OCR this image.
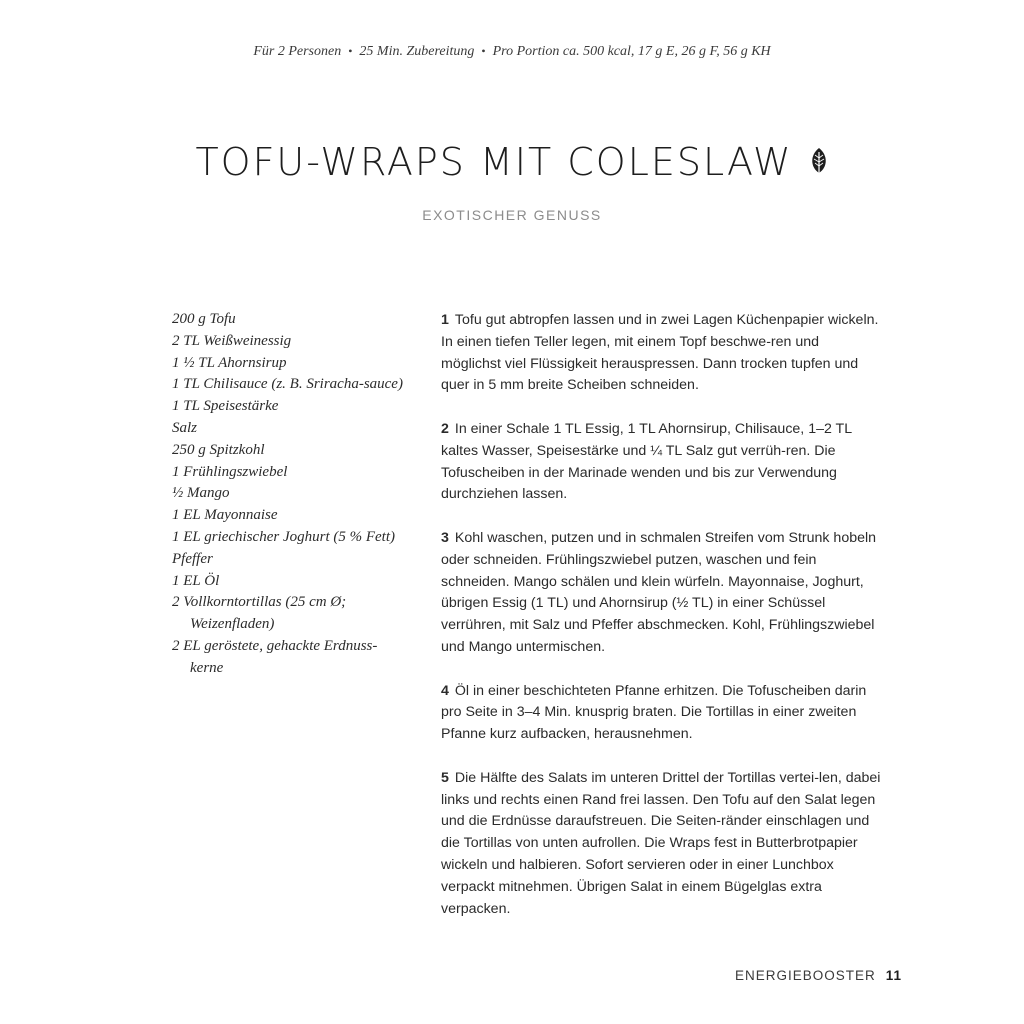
Für 2 Personen • 25 Min. Zubereitung • Pro Portion ca. 500 kcal, 17 g E, 26 g F, 56 g KH
TOFU-WRAPS MIT COLESLAW
EXOTISCHER GENUSS
200 g Tofu
2 TL Weißweinessig
1 ½ TL Ahornsirup
1 TL Chilisauce (z. B. Sriracha-sauce)
1 TL Speisestärke
Salz
250 g Spitzkohl
1 Frühlingszwiebel
½ Mango
1 EL Mayonnaise
1 EL griechischer Joghurt (5 % Fett)
Pfeffer
1 EL Öl
2 Vollkorntortillas (25 cm Ø; Weizenfladen)
2 EL geröstete, gehackte Erdnuss-kerne

1 Tofu gut abtropfen lassen und in zwei Lagen Küchenpapier wickeln. In einen tiefen Teller legen, mit einem Topf beschwe-ren und möglichst viel Flüssigkeit herauspressen. Dann trocken tupfen und quer in 5 mm breite Scheiben schneiden.

2 In einer Schale 1 TL Essig, 1 TL Ahornsirup, Chilisauce, 1–2 TL kaltes Wasser, Speisestärke und ¼ TL Salz gut verrüh-ren. Die Tofuscheiben in der Marinade wenden und bis zur Verwendung durchziehen lassen.

3 Kohl waschen, putzen und in schmalen Streifen vom Strunk hobeln oder schneiden. Frühlingszwiebel putzen, waschen und fein schneiden. Mango schälen und klein würfeln. Mayonnaise, Joghurt, übrigen Essig (1 TL) und Ahornsirup (½ TL) in einer Schüssel verrühren, mit Salz und Pfeffer abschmecken. Kohl, Frühlingszwiebel und Mango untermischen.

4 Öl in einer beschichteten Pfanne erhitzen. Die Tofuscheiben darin pro Seite in 3–4 Min. knusprig braten. Die Tortillas in einer zweiten Pfanne kurz aufbacken, herausnehmen.

5 Die Hälfte des Salats im unteren Drittel der Tortillas vertei-len, dabei links und rechts einen Rand frei lassen. Den Tofu auf den Salat legen und die Erdnüsse daraufstreuen. Die Seiten-ränder einschlagen und die Tortillas von unten aufrollen. Die Wraps fest in Butterbrotpapier wickeln und halbieren. Sofort servieren oder in einer Lunchbox verpackt mitnehmen. Übrigen Salat in einem Bügelglas extra verpacken.

ENERGIEBOOSTER 11
